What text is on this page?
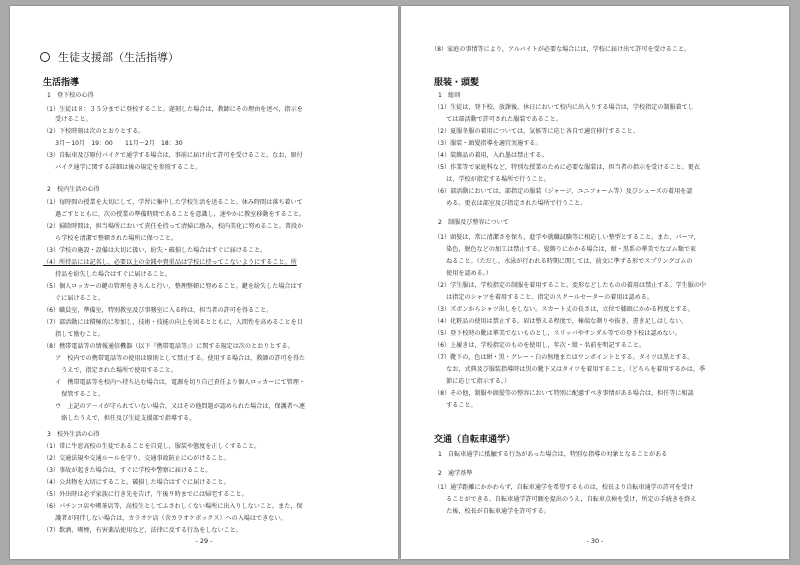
生徒支援部（生活指導）
生活指導
1　登下校の心得
（1）生徒は８：３５分までに登校すること。遅刻した場合は，教師にその理由を述べ，指示を
　　受けること。
（2）下校時刻は次のとおりとする。
　　3月～10月　19：00　　11月～2月　18：30
（3）自転車及び原付バイクで通学する場合は，事前に届け出て許可を受けること。なお，原付
　　バイク通学に関する詳細は後の規定を参照すること。
2　校内生活の心得
（1）毎時間の授業を大切にして，学習に集中した学校生活を送ること。休み時間は落ち着いて
　　過ごすとともに，次の授業の準備時間であることを意識し，速やかに教室移動をすること。
（2）掃除時間は，担当場所において責任を持って清掃に励み，校内美化に努めること。普段か
　　ら学校を清潔で整頓された場所に保つこと。
（3）学校の施設・設備は大切に扱い，紛失・破損した場合はすぐに届けること。
（4）所持品には記名し，必要以上の金銭や貴重品は学校に持ってこないようにすること。所
　　持品を紛失した場合はすぐに届けること。
（5）個人ロッカーの鍵の管理をきちんと行い，整理整頓に努めること。鍵を紛失した場合はす
　　ぐに届けること。
（6）職員室，準備室，特別教室及び事務室に入る時は，担当者の許可を得ること。
（7）部活動には積極的に参加し，技術・技能の向上を図るとともに，人間性を高めることを目
　　指して励むこと。
（8）携帯電話等の情報通信機器（以下『携帯電話等』）に関する規定は次のとおりとする。
　　ア　校内での携帯電話等の使用は原則として禁止する。使用する場合は，教師の許可を得た
　　　うえで，指定された場所で使用すること。
　　イ　携帯電話等を校内へ持ち込む場合は，電源を切り自己責任より個人ロッカーにて管理・
　　　保管すること。
　　ウ　上記のア～イが守られていない場合，又はその他問題が認められた場合は，保護者へ連
　　　絡したうえで，担任及び生徒支援部で指導する。
3　校外生活の心得
（1）常に牛窓高校の生徒であることを自覚し，服装や態度を正しくすること。
（2）交通法規や交通ルールを守り，交通事故防止に心がけること。
（3）事故が起きた場合は，すぐに学校や警察に届けること。
（4）公共物を大切にすること。破損した場合はすぐに届けること。
（5）外出時は必ず家族に行き先を告げ，午後９時までには帰宅すること。
（6）パチンコ店や喫茶店等，高校生としてふさわしくない場所に出入りしないこと。また，保
　　護者が同伴しない場合は，カラオケ店（含カラオケボックス）への入場はできない。
（7）飲酒，喫煙，有害薬品使用など，法律に反する行為をしないこと。
- 29 -
（8）家庭の事情等により，アルバイトが必要な場合には，学校に届け出て許可を受けること。
服装・頭髪
1　総則
（1）生徒は，登下校，放課後，休日において校内に出入りする場合は，学校指定の制服着てし
　　ては部活動で許可された服装であること。
（2）夏服冬服の着用については，気候等に応じ各自で適宜移行すること。
（3）服装・頭髪指導を適宜実施する。
（4）装飾品の着用，入れ墨は禁止する。
（5）作業等で家庭科など，特別な授業のために必要な服装は，担当者の指示を受けること。更衣
　　は，学校が指定する場所で行うこと。
（6）部活動においては，部指定の服装（ジャージ，ユニフォーム等）及びシューズの着用を認
　　める。更衣は部室及び指定された場所で行うこと。
2　制服及び整容について
（1）頭髪は，常に清潔さを保ち，進学や就職試験等に相応しい整型とすること。また，パーマ，
　　染色，脱色などの加工は禁止する。髪飾りにかかる場合は，紺・黒系の華美でなゴム類で束
　　ねること。（ただし，水泳が行われる時期に関しては，前文に準ずる形でスプリングゴムの
　　使用を認める。）
（2）学生服は，学校指定の制服を着用すること。変形などしたものの着用は禁止する。学生服の中
　　は指定のシャツを着用すること。指定のスクールセーターの着用は認める。
（3）ズボンからシャツ出しをしない。スカート丈の長さは，立位で膝頭にかかる程度とする。
（4）化粧品の使用は禁止する。眉は整える程度で，極端な剃りや抜き，書き足しはしない。
（5）登下校時の靴は華美でないものとし，スリッパやサンダル等での登下校は認めない。
（6）上履きは，学校指定のものを使用し，年次・組・名前を明記すること。
（7）靴下の，色は紺・黒・グレー・白の無地またはワンポイントとする。タイツは黒とする。
　　なお，式典及び服装指導時は黒の靴下又はタイツを着用すること。（どちらを着用するかは，季
　　節に応じて指示する。）
（8）その他，制服や頭髪等の整容において特別に配慮すべき事情がある場合は，担任等に相談
　　すること。
交通（自転車通学）
1　自転車通学に抵触する行為があった場合は，特別な指導の対象となることがある
2　通学基準
（1）通学距離にかかわらず，自転車通学を希望するものは，校長より自転車通学の許可を受け
　　ることができる。自転車通学許可願を提出のうえ，自転車点検を受け，所定の手続きを終え
　　た後，校長が自転車通学を許可する。
- 30 -
